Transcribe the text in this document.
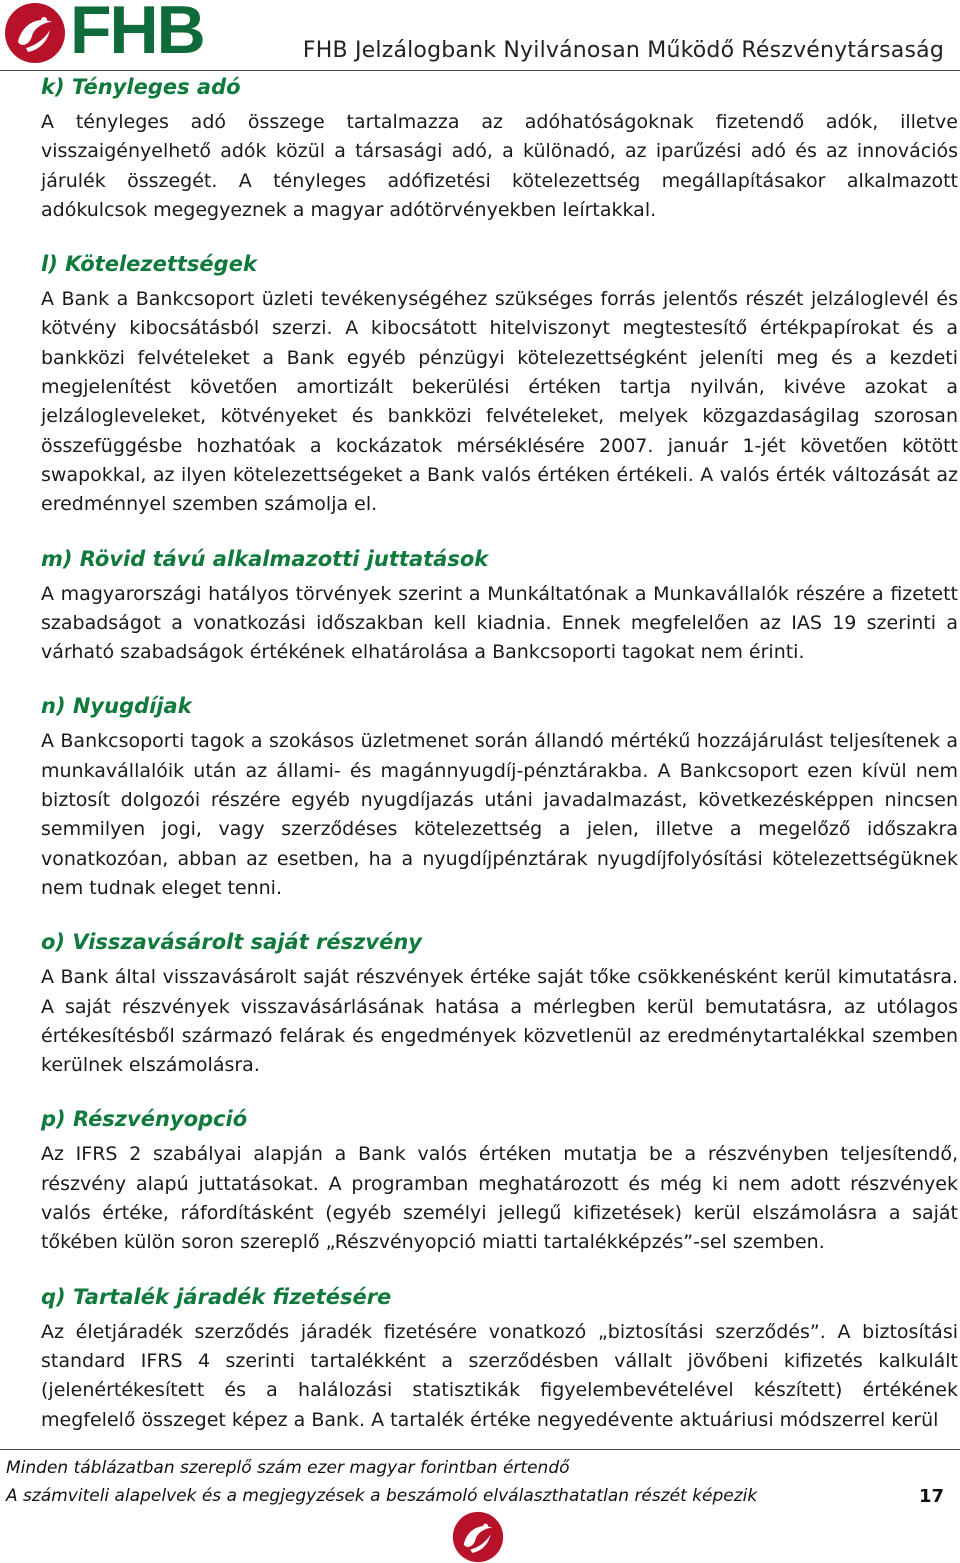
FHB	FHB Jelzálogbank Nyilvánosan Működő Részvénytársaság
k) Tényleges adó

A tényleges adó összege tartalmazza az adóhatóságoknak fizetendő adók, illetve visszaigényelhető adók közül a társasági adó, a különadó, az iparűzési adó és az innovációs járulék összegét. A tényleges adófizetési kötelezettség megállapításakor alkalmazott adókulcsok megegyeznek a magyar adótörvényekben leírtakkal.

l) Kötelezettségek

A Bank a Bankcsoport üzleti tevékenységéhez szükséges forrás jelentős részét jelzáloglevél és kötvény kibocsátásból szerzi. A kibocsátott hitelviszonyt megtestesítő értékpapírokat és a bankközi felvételeket a Bank egyéb pénzügyi kötelezettségként jeleníti meg és a kezdeti megjelenítést követően amortizált bekerülési értéken tartja nyilván, kivéve azokat a jelzálogleveleket, kötvényeket és bankközi felvételeket, melyek közgazdaságilag szorosan összefüggésbe hozhatóak a kockázatok mérséklésére 2007. január 1-jét követően kötött swapokkal, az ilyen kötelezettségeket a Bank valós értéken értékeli. A valós érték változását az eredménnyel szemben számolja el.

m) Rövid távú alkalmazotti juttatások

A magyarországi hatályos törvények szerint a Munkáltatónak a Munkavállalók részére a fizetett szabadságot a vonatkozási időszakban kell kiadnia. Ennek megfelelően az IAS 19 szerinti a várható szabadságok értékének elhatárolása a Bankcsoporti tagokat nem érinti.

n) Nyugdíjak

A Bankcsoporti tagok a szokásos üzletmenet során állandó mértékű hozzájárulást teljesítenek a munkavállalóik után az állami- és magánnyugdíj-pénztárakba. A Bankcsoport ezen kívül nem biztosít dolgozói részére egyéb nyugdíjazás utáni javadalmazást, következésképpen nincsen semmilyen jogi, vagy szerződéses kötelezettség a jelen, illetve a megelőző időszakra vonatkozóan, abban az esetben, ha a nyugdíjpénztárak nyugdíjfolyósítási kötelezettségüknek nem tudnak eleget tenni.

o) Visszavásárolt saját részvény

A Bank által visszavásárolt saját részvények értéke saját tőke csökkenésként kerül kimutatásra. A saját részvények visszavásárlásának hatása a mérlegben kerül bemutatásra, az utólagos értékesítésből származó felárak és engedmények közvetlenül az eredménytartalékkal szemben kerülnek elszámolásra.

p) Részvényopció

Az IFRS 2 szabályai alapján a Bank valós értéken mutatja be a részvényben teljesítendő, részvény alapú juttatásokat. A programban meghatározott és még ki nem adott részvények valós értéke, ráfordításként (egyéb személyi jellegű kifizetések) kerül elszámolásra a saját tőkében külön soron szereplő „Részvényopció miatti tartalékképzés”-sel szemben.

q) Tartalék járadék fizetésére

Az életjáradék szerződés járadék fizetésére vonatkozó „biztosítási szerződés”. A biztosítási standard IFRS 4 szerinti tartalékként a szerződésben vállalt jövőbeni kifizetés kalkulált (jelenértékesített és a halálozási statisztikák figyelembevételével készített) értékének megfelelő összeget képez a Bank. A tartalék értéke negyedévente aktuáriusi módszerrel kerül

Minden táblázatban szereplő szám ezer magyar forintban értendő
A számviteli alapelvek és a megjegyzések a beszámoló elválaszthatatlan részét képezik	17
